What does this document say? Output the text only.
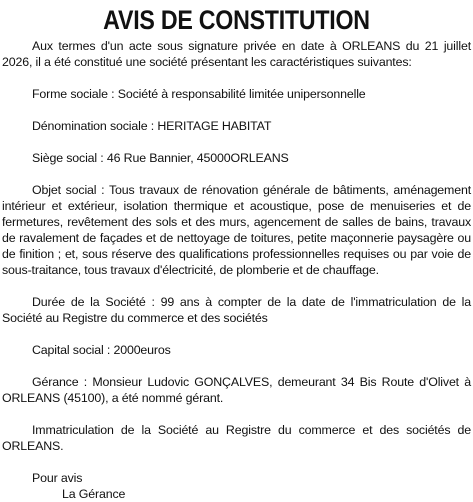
AVIS DE CONSTITUTION

Aux termes d'un acte sous signature privée en date à ORLEANS du 21 juillet 2026, il a été constitué une société présentant les caractéristiques suivantes:

Forme sociale : Société à responsabilité limitée unipersonnelle

Dénomination sociale : HERITAGE HABITAT

Siège social : 46 Rue Bannier, 45000ORLEANS

Objet social : Tous travaux de rénovation générale de bâtiments, aménagement intérieur et extérieur, isolation thermique et acoustique, pose de menuiseries et de fermetures, revêtement des sols et des murs, agencement de salles de bains, travaux de ravalement de façades et de nettoyage de toitures, petite maçonnerie paysagère ou de finition ; et, sous réserve des qualifications professionnelles requises ou par voie de sous-traitance, tous travaux d'électricité, de plomberie et de chauffage.

Durée de la Société : 99 ans à compter de la date de l'immatriculation de la Société au Registre du commerce et des sociétés

Capital social : 2000euros

Gérance : Monsieur Ludovic GONÇALVES, demeurant 34 Bis Route d'Olivet à ORLEANS (45100), a été nommé gérant.

Immatriculation de la Société au Registre du commerce et des sociétés de ORLEANS.

Pour avis
La Gérance
